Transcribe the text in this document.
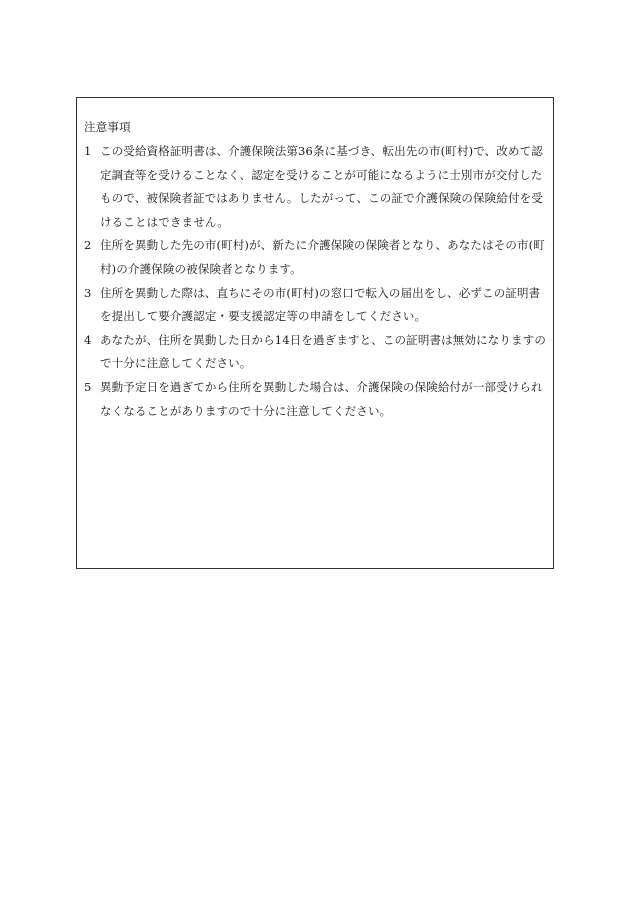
注意事項
1 この受給資格証明書は、介護保険法第36条に基づき、転出先の市(町村)で、改めて認定調査等を受けることなく、認定を受けることが可能になるように士別市が交付したもので、被保険者証ではありません。したがって、この証で介護保険の保険給付を受けることはできません。
2 住所を異動した先の市(町村)が、新たに介護保険の保険者となり、あなたはその市(町村)の介護保険の被保険者となります。
3 住所を異動した際は、直ちにその市(町村)の窓口で転入の届出をし、必ずこの証明書を提出して要介護認定・要支援認定等の申請をしてください。
4 あなたが、住所を異動した日から14日を過ぎますと、この証明書は無効になりますので十分に注意してください。
5 異動予定日を過ぎてから住所を異動した場合は、介護保険の保険給付が一部受けられなくなることがありますので十分に注意してください。
